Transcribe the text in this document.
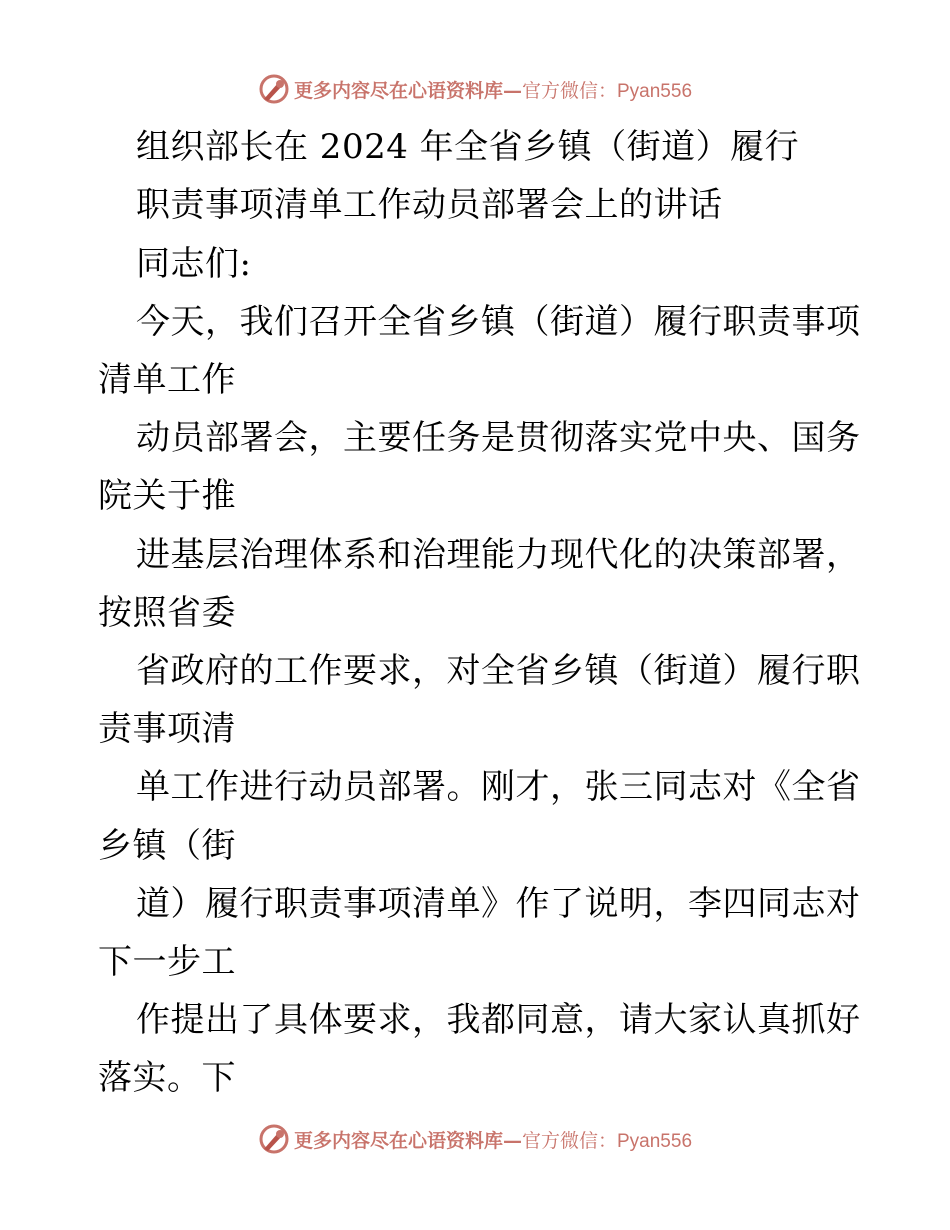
更多内容尽在心语资料库—官方微信：Pyan556
组织部长在 2024 年全省乡镇（街道）履行
职责事项清单工作动员部署会上的讲话
同志们:
今天，我们召开全省乡镇（街道）履行职责事项
清单工作
动员部署会，主要任务是贯彻落实党中央、国务
院关于推
进基层治理体系和治理能力现代化的决策部署，
按照省委
省政府的工作要求，对全省乡镇（街道）履行职
责事项清
单工作进行动员部署。刚才，张三同志对《全省
乡镇（街
道）履行职责事项清单》作了说明，李四同志对
下一步工
作提出了具体要求，我都同意，请大家认真抓好
落实。下
更多内容尽在心语资料库—官方微信：Pyan556
